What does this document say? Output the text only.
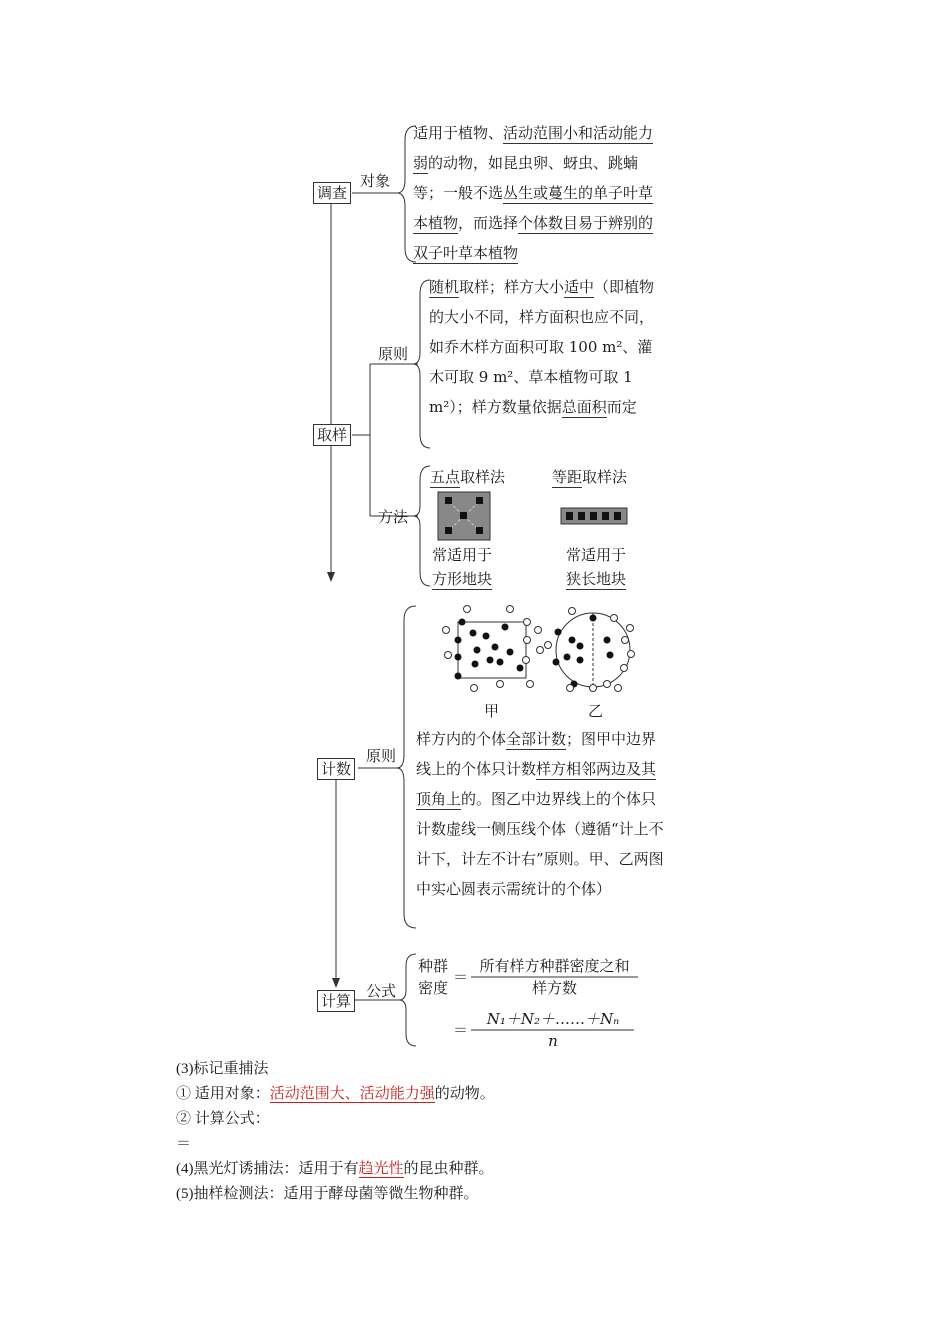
调查
对象
适用于植物、活动范围小和活动能力弱的动物，如昆虫卵、蚜虫、跳蝻等；一般不选丛生或蔓生的单子叶草本植物，而选择个体数目易于辨别的双子叶草本植物
取样
原则
随机取样；样方大小适中（即植物的大小不同，样方面积也应不同，如乔木样方面积可取 100 m²、灌木可取 9 m²、草本植物可取 1 m²）；样方数量依据总面积而定
方法
五点取样法	等距取样法
常适用于
方形地块
常适用于
狭长地块
计数
原则
甲	乙
样方内的个体全部计数；图甲中边界线上的个体只计数样方相邻两边及其顶角上的。图乙中边界线上的个体只计数虚线一侧压线个体（遵循“计上不计下，计左不计右”原则。甲、乙两图中实心圆表示需统计的个体）
计算
公式
种群
密度
＝
所有样方种群密度之和
样方数
＝
N₁＋N₂＋……＋Nₙ
n
(3)标记重捕法
① 适用对象：活动范围大、活动能力强的动物。
② 计算公式：
＝
(4)黑光灯诱捕法：适用于有趋光性的昆虫种群。
(5)抽样检测法：适用于酵母菌等微生物种群。
